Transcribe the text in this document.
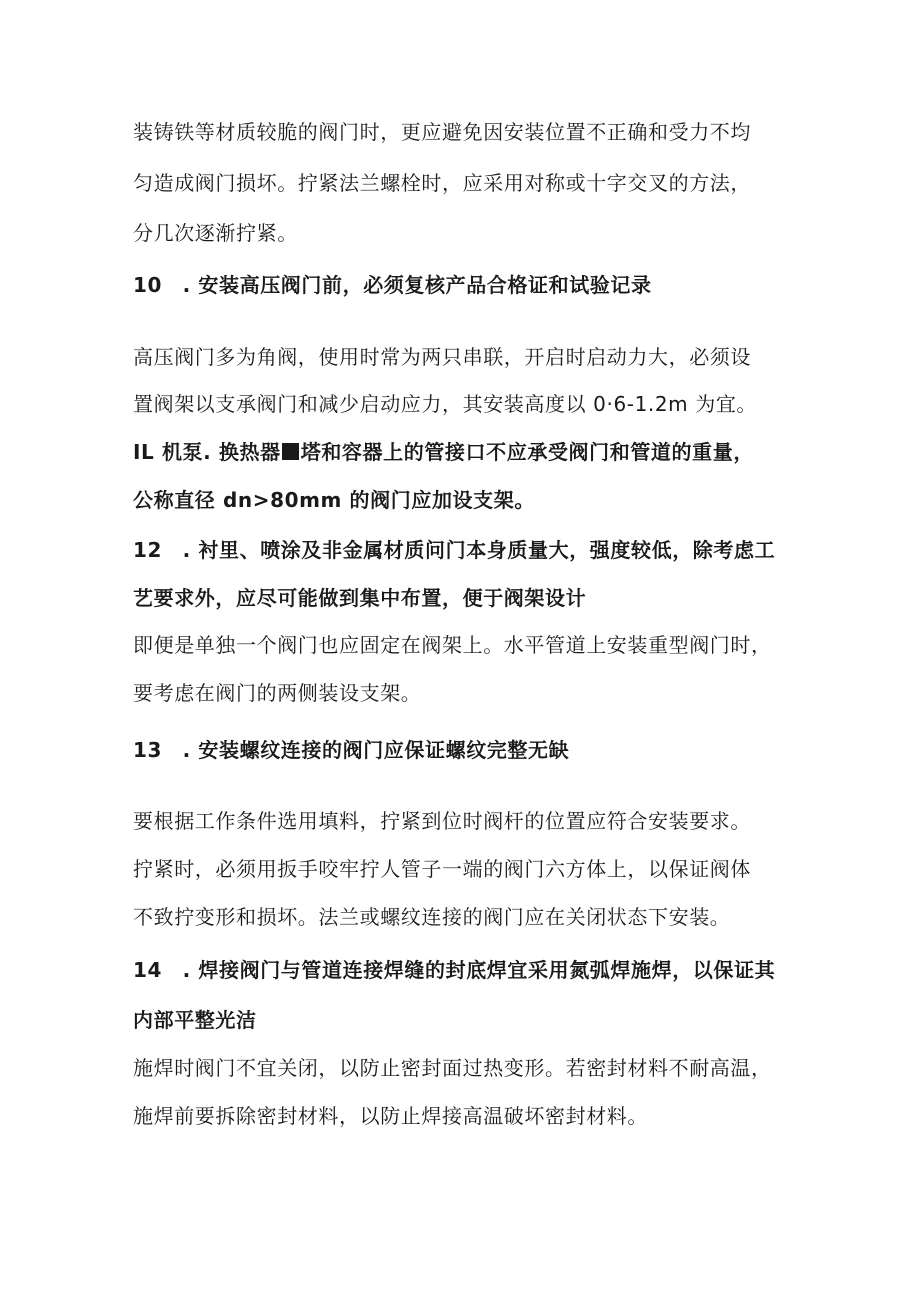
装铸铁等材质较脆的阀门时，更应避免因安装位置不正确和受力不均
匀造成阀门损坏。拧紧法兰螺栓时，应采用对称或十字交叉的方法，
分几次逐渐拧紧。
10　. 安装高压阀门前，必须复核产品合格证和试验记录
高压阀门多为角阀，使用时常为两只串联，开启时启动力大，必须设
置阀架以支承阀门和减少启动应力，其安装高度以 0·6-1.2m 为宜。
IL 机泵. 换热器 塔和容器上的管接口不应承受阀门和管道的重量，
公称直径 dn>80mm 的阀门应加设支架。
12　. 衬里、喷涂及非金属材质问门本身质量大，强度较低，除考虑工
艺要求外，应尽可能做到集中布置，便于阀架设计
即便是单独一个阀门也应固定在阀架上。水平管道上安装重型阀门时，
要考虑在阀门的两侧装设支架。
13　. 安装螺纹连接的阀门应保证螺纹完整无缺
要根据工作条件选用填料，拧紧到位时阀杆的位置应符合安装要求。
拧紧时，必须用扳手咬牢拧人管子一端的阀门六方体上，以保证阀体
不致拧变形和损坏。法兰或螺纹连接的阀门应在关闭状态下安装。
14　. 焊接阀门与管道连接焊缝的封底焊宜采用氮弧焊施焊，以保证其
内部平整光洁
施焊时阀门不宜关闭，以防止密封面过热变形。若密封材料不耐高温，
施焊前要拆除密封材料，以防止焊接高温破坏密封材料。
